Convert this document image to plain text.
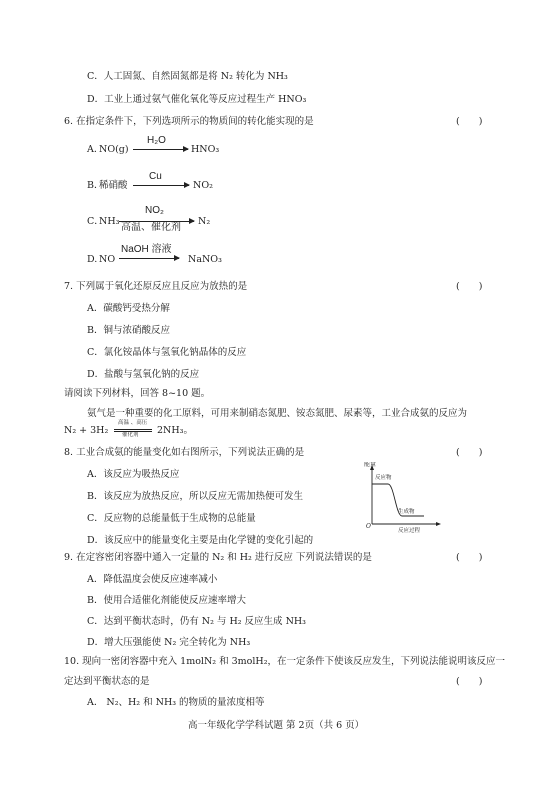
C．人工固氮、自然固氮都是将 N₂ 转化为 NH₃
D．工业上通过氨气催化氧化等反应过程生产 HNO₃
6. 在指定条件下，下列选项所示的物质间的转化能实现的是	(　　)
A．
NO(g)
H₂O
HNO₃
B．
稀硝酸
Cu
NO₂
C．
NH₃
NO₂
高温、催化剂
N₂
D. NO
NaOH 溶液
NaNO₃
7. 下列属于氧化还原反应且反应为放热的是	(　　)
A．碳酸钙受热分解
B．铜与浓硝酸反应
C．氯化铵晶体与氢氧化钠晶体的反应
D．盐酸与氢氧化钠的反应
请阅读下列材料，回答 8~10 题。
氨气是一种重要的化工原料，可用来制硝态氮肥、铵态氮肥、尿素等，工业合成氨的反应为
N₂ + 3H₂
高温 、高压
催化剂 2NH₃。
8. 工业合成氨的能量变化如右图所示，下列说法正确的是	(　　)
A．该反应为吸热反应
B．该反应为放热反应，所以反应无需加热便可发生
C．反应物的总能量低于生成物的总能量
D．该反应中的能量变化主要是由化学键的变化引起的
能量
反应物
生成物
反应过程
O
9. 在定容密闭容器中通入一定量的 N₂ 和 H₂ 进行反应 下列说法错误的是	(　　)
A．降低温度会使反应速率减小
B．使用合适催化剂能使反应速率增大
C．达到平衡状态时，仍有 N₂ 与 H₂ 反应生成 NH₃
D．增大压强能使 N₂ 完全转化为 NH₃
10. 现向一密闭容器中充入 1molN₂ 和 3molH₂，在一定条件下使该反应发生，下列说法能说明该反应一
定达到平衡状态的是	(　　)
A． N₂、H₂ 和 NH₃ 的物质的量浓度相等
高一年级化学学科试题 第 2页（共 6 页）
